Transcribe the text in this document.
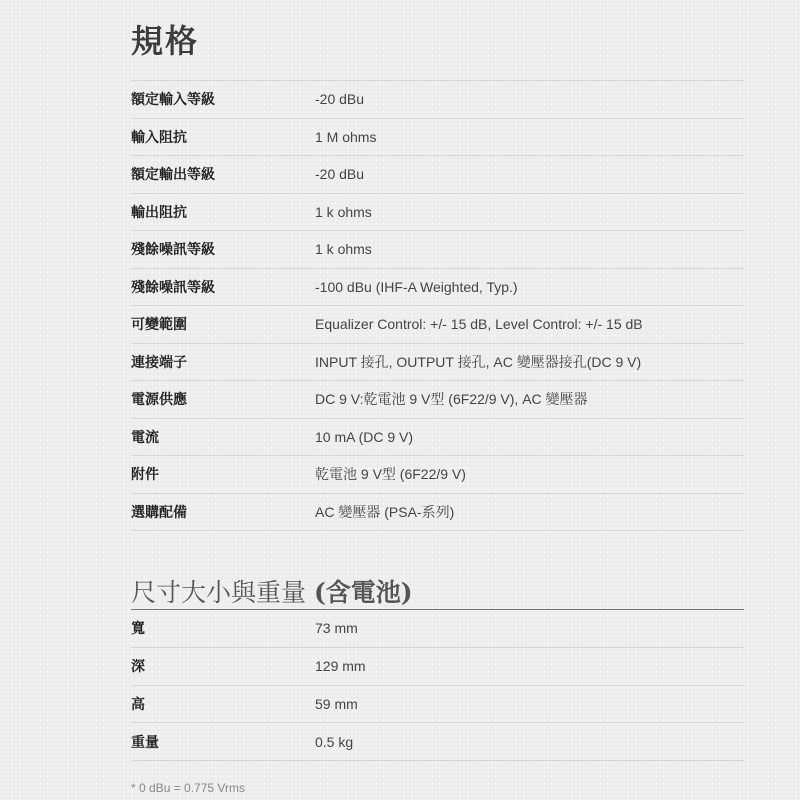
規格
額定輸入等級	-20 dBu
輸入阻抗	1 M ohms
額定輸出等級	-20 dBu
輸出阻抗	1 k ohms
殘餘噪訊等級	1 k ohms
殘餘噪訊等級	-100 dBu (IHF-A Weighted, Typ.)
可變範圍	Equalizer Control: +/- 15 dB, Level Control: +/- 15 dB
連接端子	INPUT 接孔, OUTPUT 接孔, AC 變壓器接孔(DC 9 V)
電源供應	DC 9 V:乾電池 9 V型 (6F22/9 V), AC 變壓器
電流	10 mA (DC 9 V)
附件	乾電池 9 V型 (6F22/9 V)
選購配備	AC 變壓器 (PSA-系列)
尺寸大小與重量 (含電池)
寬	73 mm
深	129 mm
高	59 mm
重量	0.5 kg
* 0 dBu = 0.775 Vrms
